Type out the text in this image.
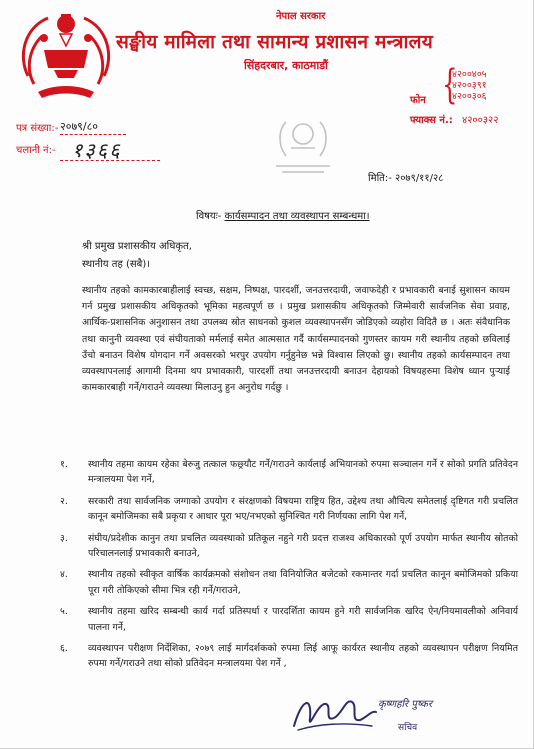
नेपाल सरकार
सङ्घीय मामिला तथा सामान्य प्रशासन मन्त्रालय
सिंहदरबार, काठमाडौं
फोन {
४२००४०५
४२००३९१
४२००३०६
फ्याक्स नं.: ४२००३२२
पत्र संख्या:- २०७९/८०
चलानी नं:- १३६६
मिति:- २०७९/११/२८
विषयः- कार्यसम्पादन तथा व्यवस्थापन सम्बन्धमा।
श्री प्रमुख प्रशासकीय अधिकृत,
स्थानीय तह (सबै)।
स्थानीय तहको कामकारबाहीलाई स्वच्छ, सक्षम, निष्पक्ष, पारदर्शी, जनउत्तरदायी, जवाफदेही र प्रभावकारी बनाई सुशासन कायम गर्न प्रमुख प्रशासकीय अधिकृतको भूमिका महत्वपूर्ण छ । प्रमुख प्रशासकीय अधिकृतको जिम्मेवारी सार्वजनिक सेवा प्रवाह, आर्थिक-प्रशासनिक अनुशासन तथा उपलब्ध स्रोत साधनको कुशल व्यवस्थापनसँग जोडिएको व्यहोरा विदितै छ । अतः संवैधानिक तथा कानुनी व्यवस्था एवं संघीयताको मर्मलाई समेत आत्मसात गर्दै कार्यसम्पादनको गुणस्तर कायम गरी स्थानीय तहको छविलाई उँचो बनाउन विशेष योगदान गर्ने अवसरको भरपुर उपयोग गर्नुहुनेछ भन्ने विश्वास लिएको छु। स्थानीय तहको कार्यसम्पादन तथा व्यवस्थापनलाई आगामी दिनमा थप प्रभावकारी, पारदर्शी तथा जनउत्तरदायी बनाउन देहायको विषयहरुमा विशेष ध्यान पुऱ्याई कामकारबाही गर्ने/गराउने व्यवस्था मिलाउनु हुन अनुरोध गर्दछु ।
१. स्थानीय तहमा कायम रहेका बेरुजु तत्काल फछ्र्यौट गर्ने/गराउने कार्यलाई अभियानको रुपमा सञ्चालन गर्ने र सोको प्रगति प्रतिवेदन मन्त्रालयमा पेश गर्ने,
२. सरकारी तथा सार्वजनिक जग्गाको उपयोग र संरक्षणको विषयमा राष्ट्रिय हित, उद्देश्य तथा औचित्य समेतलाई दृष्टिगत गरी प्रचलित कानून बमोजिमका सबै प्रकृया र आधार पूरा भए/नभएको सुनिश्चित गरी निर्णयका लागि पेश गर्ने,
३. संघीय/प्रदेशीक कानुन तथा प्रचलित व्यवस्थाको प्रतिकूल नहुने गरी प्रदत्त राजश्व अधिकारको पूर्ण उपयोग मार्फत स्थानीय स्रोतको परिचालनलाई प्रभावकारी बनाउने,
४. स्थानीय तहको स्वीकृत वार्षिक कार्यक्रमको संशोधन तथा विनियोजित बजेटको रकमान्तर गर्दा प्रचलित कानून बमोजिमको प्रकिया पूरा गरी तोकिएको सीमा भित्र रही गर्ने/गराउने,
५. स्थानीय तहमा खरिद सम्बन्धी कार्य गर्दा प्रतिस्पर्धा र पारदर्शिता कायम हुने गरी सार्वजनिक खरिद ऐन/नियमावलीको अनिवार्य पालना गर्ने,
६. व्यवस्थापन परीक्षण निर्देशिका, २०७९ लाई मार्गदर्शकको रुपमा लिई आफू कार्यरत स्थानीय तहको व्यवस्थापन परीक्षण नियमित रुपमा गर्ने/गराउने तथा सोको प्रतिवेदन मन्त्रालयमा पेश गर्ने ,
कृष्णहरि पुष्कर
सचिव
